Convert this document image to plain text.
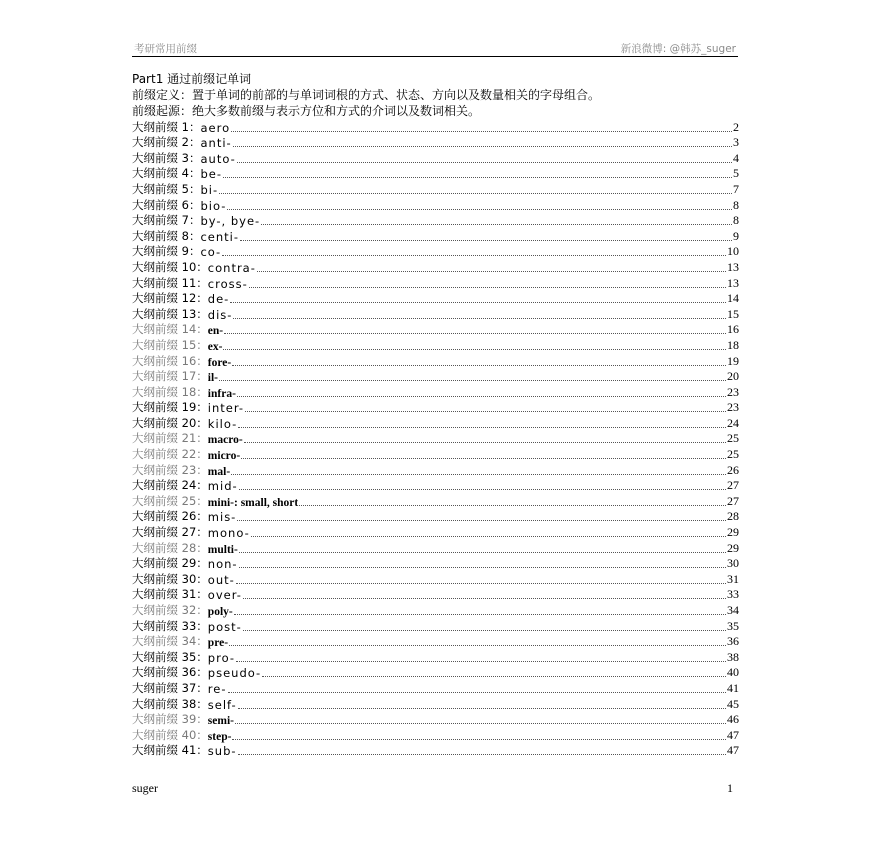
考研常用前缀	新浪微博: @韩苏_suger
Part1 通过前缀记单词
前缀定义：置于单词的前部的与单词词根的方式、状态、方向以及数量相关的字母组合。
前缀起源：绝大多数前缀与表示方位和方式的介词以及数词相关。
大纲前缀 1： aero	2
大纲前缀 2： anti-	3
大纲前缀 3： auto-	4
大纲前缀 4： be-	5
大纲前缀 5： bi-	7
大纲前缀 6： bio-	8
大纲前缀 7： by-, bye-	8
大纲前缀 8： centi-	9
大纲前缀 9： co-	10
大纲前缀 10： contra-	13
大纲前缀 11： cross-	13
大纲前缀 12： de-	14
大纲前缀 13： dis-	15
大纲前缀 14： en-	16
大纲前缀 15： ex-	18
大纲前缀 16： fore-	19
大纲前缀 17： il-	20
大纲前缀 18： infra-	23
大纲前缀 19： inter-	23
大纲前缀 20： kilo-	24
大纲前缀 21： macro-	25
大纲前缀 22： micro-	25
大纲前缀 23： mal-	26
大纲前缀 24： mid-	27
大纲前缀 25： mini-: small, short	27
大纲前缀 26： mis-	28
大纲前缀 27： mono-	29
大纲前缀 28： multi-	29
大纲前缀 29： non-	30
大纲前缀 30： out-	31
大纲前缀 31： over-	33
大纲前缀 32： poly-	34
大纲前缀 33： post-	35
大纲前缀 34： pre-	36
大纲前缀 35： pro-	38
大纲前缀 36： pseudo-	40
大纲前缀 37： re-	41
大纲前缀 38： self-	45
大纲前缀 39： semi-	46
大纲前缀 40： step-	47
大纲前缀 41： sub-	47
suger	1
